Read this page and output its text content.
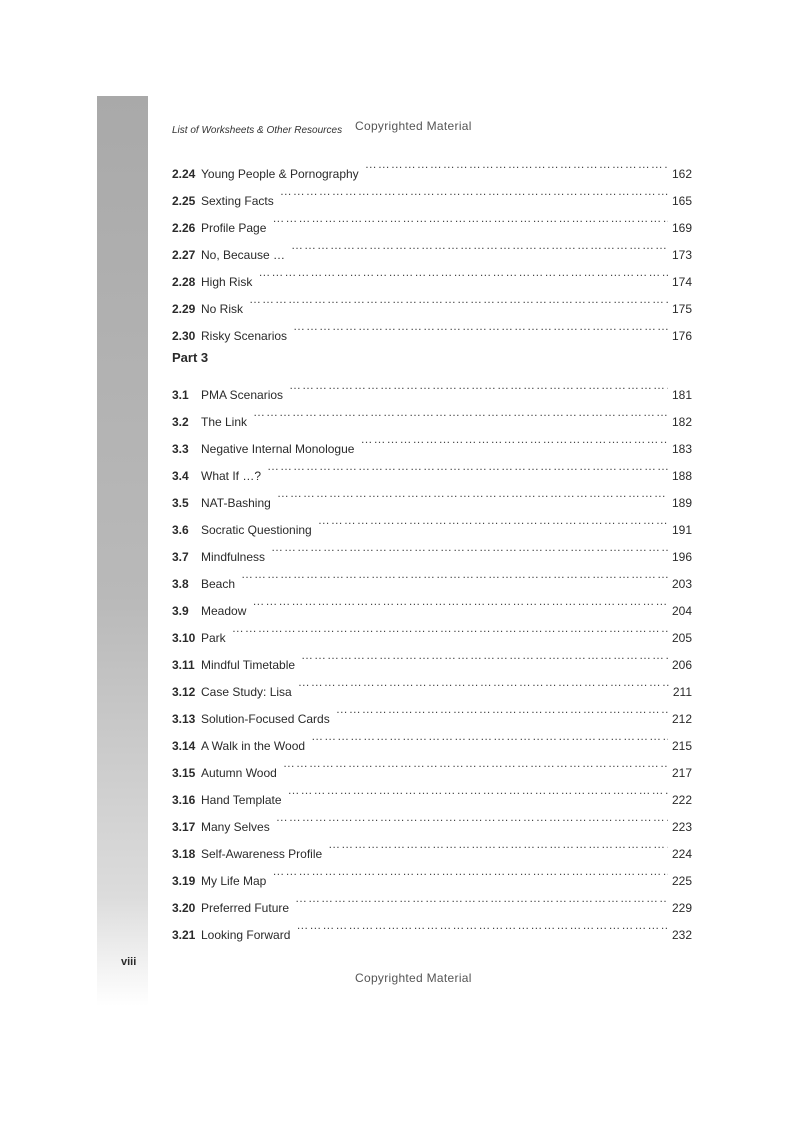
List of Worksheets & Other Resources Copyrighted Material
2.24 Young People & Pornography …………………………………………………………………………………………………………………………………………………………………………	162
2.25 Sexting Facts …………………………………………………………………………………………………………………………………………………………………………	165
2.26 Profile Page …………………………………………………………………………………………………………………………………………………………………………	169
2.27 No, Because … …………………………………………………………………………………………………………………………………………………………………………	173
2.28 High Risk …………………………………………………………………………………………………………………………………………………………………………	174
2.29 No Risk …………………………………………………………………………………………………………………………………………………………………………	175
2.30 Risky Scenarios …………………………………………………………………………………………………………………………………………………………………………	176
Part 3
3.1	PMA Scenarios …………………………………………………………………………………………………………………………………………………………………………	181
3.2	The Link …………………………………………………………………………………………………………………………………………………………………………	182
3.3	Negative Internal Monologue …………………………………………………………………………………………………………………………………………………………………………	183
3.4	What If …? …………………………………………………………………………………………………………………………………………………………………………	188
3.5	NAT-Bashing …………………………………………………………………………………………………………………………………………………………………………	189
3.6	Socratic Questioning …………………………………………………………………………………………………………………………………………………………………………	191
3.7	Mindfulness …………………………………………………………………………………………………………………………………………………………………………	196
3.8	Beach …………………………………………………………………………………………………………………………………………………………………………	203
3.9	Meadow …………………………………………………………………………………………………………………………………………………………………………	204
3.10 Park …………………………………………………………………………………………………………………………………………………………………………	205
3.11 Mindful Timetable …………………………………………………………………………………………………………………………………………………………………………	206
3.12 Case Study: Lisa …………………………………………………………………………………………………………………………………………………………………………	211
3.13 Solution-Focused Cards …………………………………………………………………………………………………………………………………………………………………………	212
3.14 A Walk in the Wood …………………………………………………………………………………………………………………………………………………………………………	215
3.15 Autumn Wood …………………………………………………………………………………………………………………………………………………………………………	217
3.16 Hand Template …………………………………………………………………………………………………………………………………………………………………………	222
3.17 Many Selves …………………………………………………………………………………………………………………………………………………………………………	223
3.18 Self-Awareness Profile …………………………………………………………………………………………………………………………………………………………………………	224
3.19 My Life Map …………………………………………………………………………………………………………………………………………………………………………	225
3.20 Preferred Future …………………………………………………………………………………………………………………………………………………………………………	229
3.21 Looking Forward …………………………………………………………………………………………………………………………………………………………………………	232
viii
Copyrighted Material
